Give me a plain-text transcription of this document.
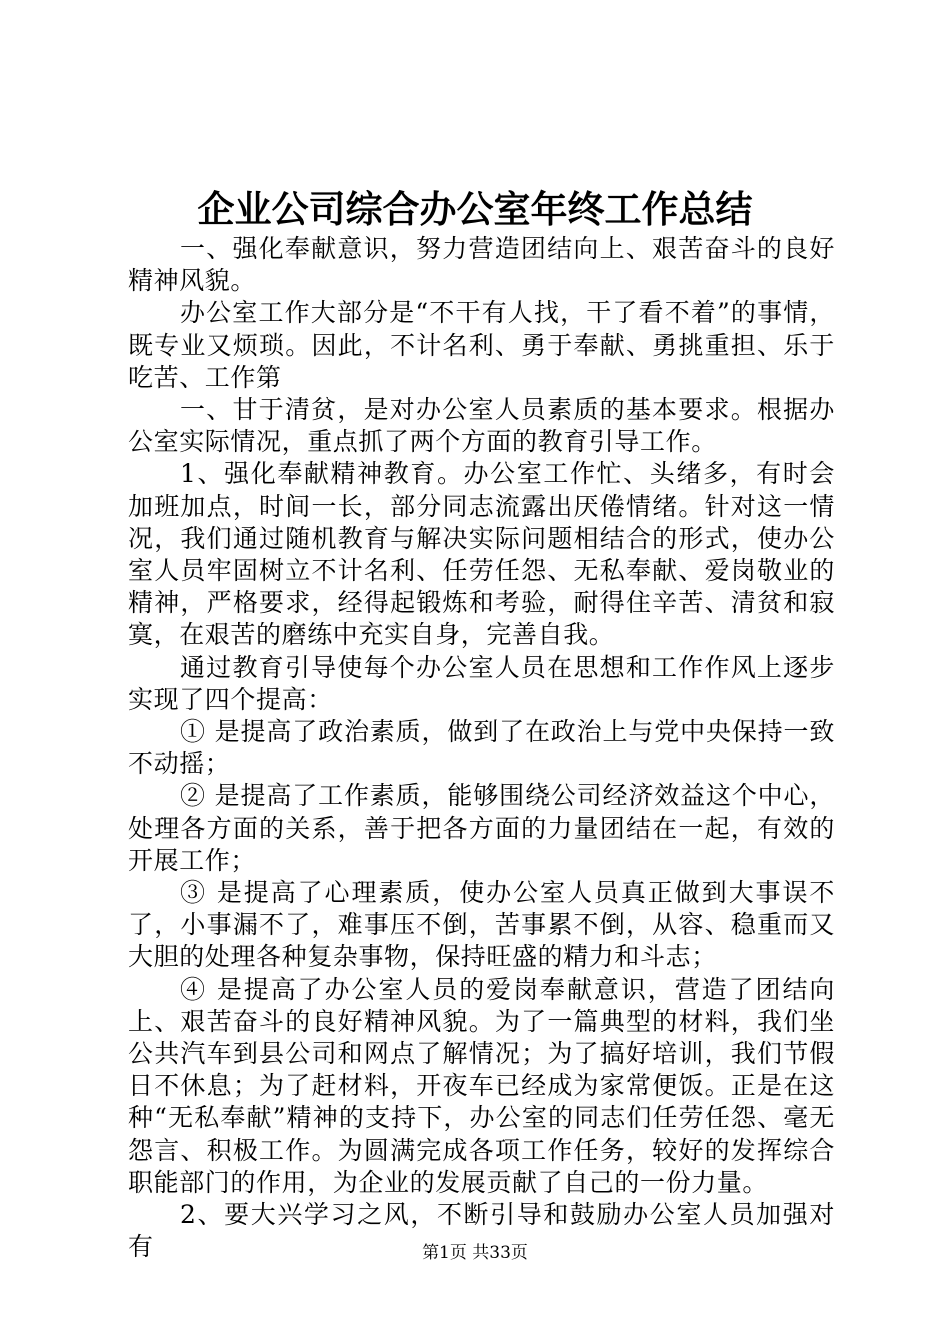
企业公司综合办公室年终工作总结

一、强化奉献意识，努力营造团结向上、艰苦奋斗的良好精神风貌。

办公室工作大部分是“不干有人找，干了看不着”的事情，既专业又烦琐。因此，不计名利、勇于奉献、勇挑重担、乐于吃苦、工作第

一、甘于清贫，是对办公室人员素质的基本要求。根据办公室实际情况，重点抓了两个方面的教育引导工作。

1、强化奉献精神教育。办公室工作忙、头绪多，有时会加班加点，时间一长，部分同志流露出厌倦情绪。针对这一情况，我们通过随机教育与解决实际问题相结合的形式，使办公室人员牢固树立不计名利、任劳任怨、无私奉献、爱岗敬业的精神，严格要求，经得起锻炼和考验，耐得住辛苦、清贫和寂寞，在艰苦的磨练中充实自身，完善自我。

通过教育引导使每个办公室人员在思想和工作作风上逐步实现了四个提高：

① 是提高了政治素质，做到了在政治上与党中央保持一致不动摇；

② 是提高了工作素质，能够围绕公司经济效益这个中心，处理各方面的关系，善于把各方面的力量团结在一起，有效的开展工作；

③ 是提高了心理素质，使办公室人员真正做到大事误不了，小事漏不了，难事压不倒，苦事累不倒，从容、稳重而又大胆的处理各种复杂事物，保持旺盛的精力和斗志；

④ 是提高了办公室人员的爱岗奉献意识，营造了团结向上、艰苦奋斗的良好精神风貌。为了一篇典型的材料，我们坐公共汽车到县公司和网点了解情况；为了搞好培训，我们节假日不休息；为了赶材料，开夜车已经成为家常便饭。正是在这种“无私奉献”精神的支持下，办公室的同志们任劳任怨、毫无怨言、积极工作。为圆满完成各项工作任务，较好的发挥综合职能部门的作用，为企业的发展贡献了自己的一份力量。

2、要大兴学习之风，不断引导和鼓励办公室人员加强对有	第1页 共33页
